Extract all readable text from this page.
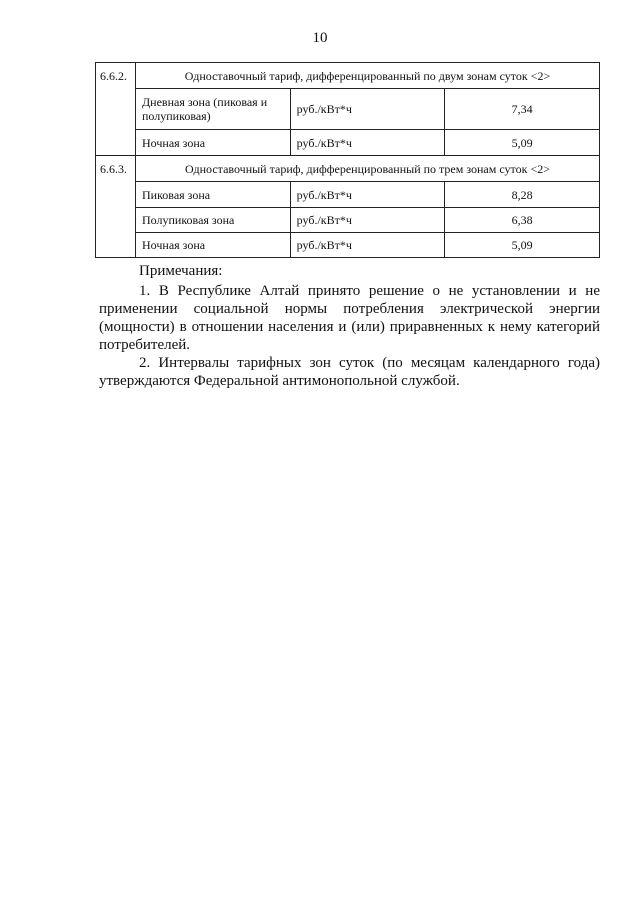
10
6.6.2.	Одноставочный тариф, дифференцированный по двум зонам суток <2>		
	Дневная зона (пиковая и полупиковая)	руб./кВт*ч	7,34
	Ночная зона	руб./кВт*ч	5,09
6.6.3.	Одноставочный тариф, дифференцированный по трем зонам суток <2>		
	Пиковая зона	руб./кВт*ч	8,28
	Полупиковая зона	руб./кВт*ч	6,38
	Ночная зона	руб./кВт*ч	5,09
Примечания:

1. В Республике Алтай принято решение о не установлении и не применении социальной нормы потребления электрической энергии (мощности) в отношении населения и (или) приравненных к нему категорий потребителей.

2. Интервалы тарифных зон суток (по месяцам календарного года) утверждаются Федеральной антимонопольной службой.
